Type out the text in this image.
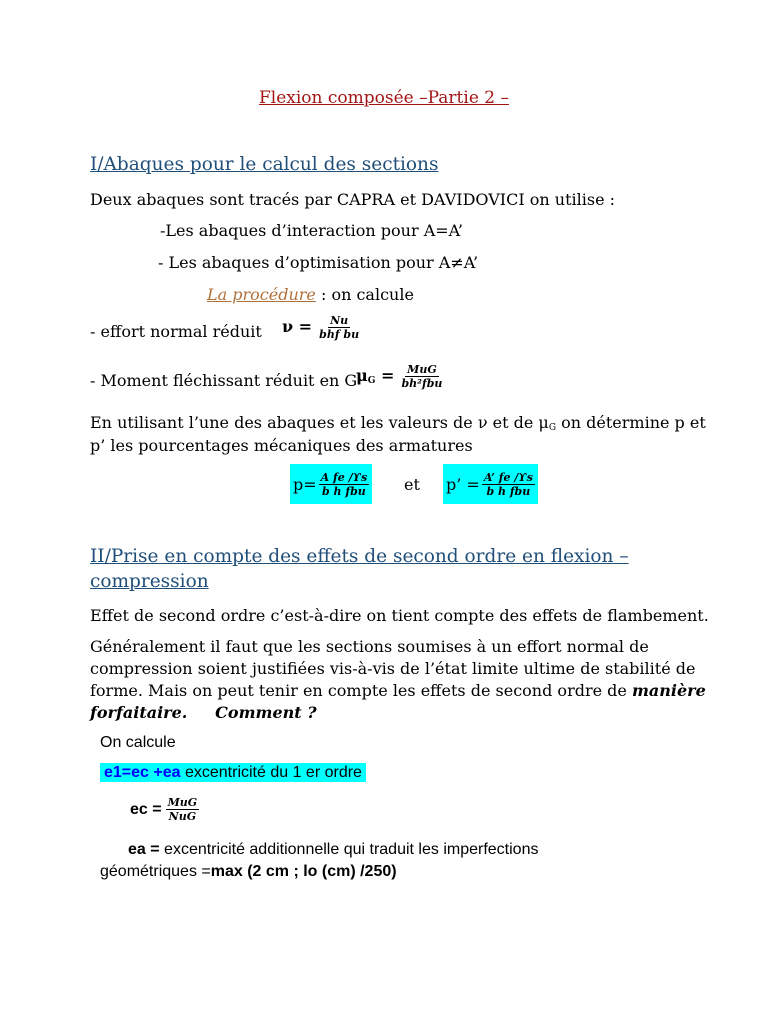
Flexion composée –Partie 2 –
I/Abaques pour le calcul des sections
Deux abaques sont tracés par CAPRA et DAVIDOVICI on utilise :
-Les abaques d’interaction pour A=A’
- Les abaques d’optimisation pour A≠A’
La procédure : on calcule
- effort normal réduit $\nu = \frac{Nu}{\text{bhf bu}}$
- Moment fléchissant réduit en G
$\mu_G = \frac{\text{MuG}}{\text{bh²fbu}}$
En utilisant l’une des abaques et les valeurs de ν et de $\mu_G$ on détermine p et
p’ les pourcentages mécaniques des armatures
$p= \frac{\text{A fe /ϒs}}{\text{b h fbu}}$ et p’ = $\frac{A’ fe /ϒs}{\text{b h fbu}}$
II/Prise en compte des effets de second ordre en flexion –
compression
Effet de second ordre c’est-à-dire on tient compte des effets de flambement.
Généralement il faut que les sections soumises à un effort normal de
compression soient justifiées vis-à-vis de l’état limite ultime de stabilité de
forme. Mais on peut tenir en compte les effets de second ordre de manière
forfaitaire.     Comment ?
On calcule
e1=ec +ea excentricité du 1 er ordre
ec = $\frac{\text{MuG}}{\text{NuG}}$
ea = excentricité additionnelle qui traduit les imperfections
géométriques =max (2 cm ; lo (cm) /250)
